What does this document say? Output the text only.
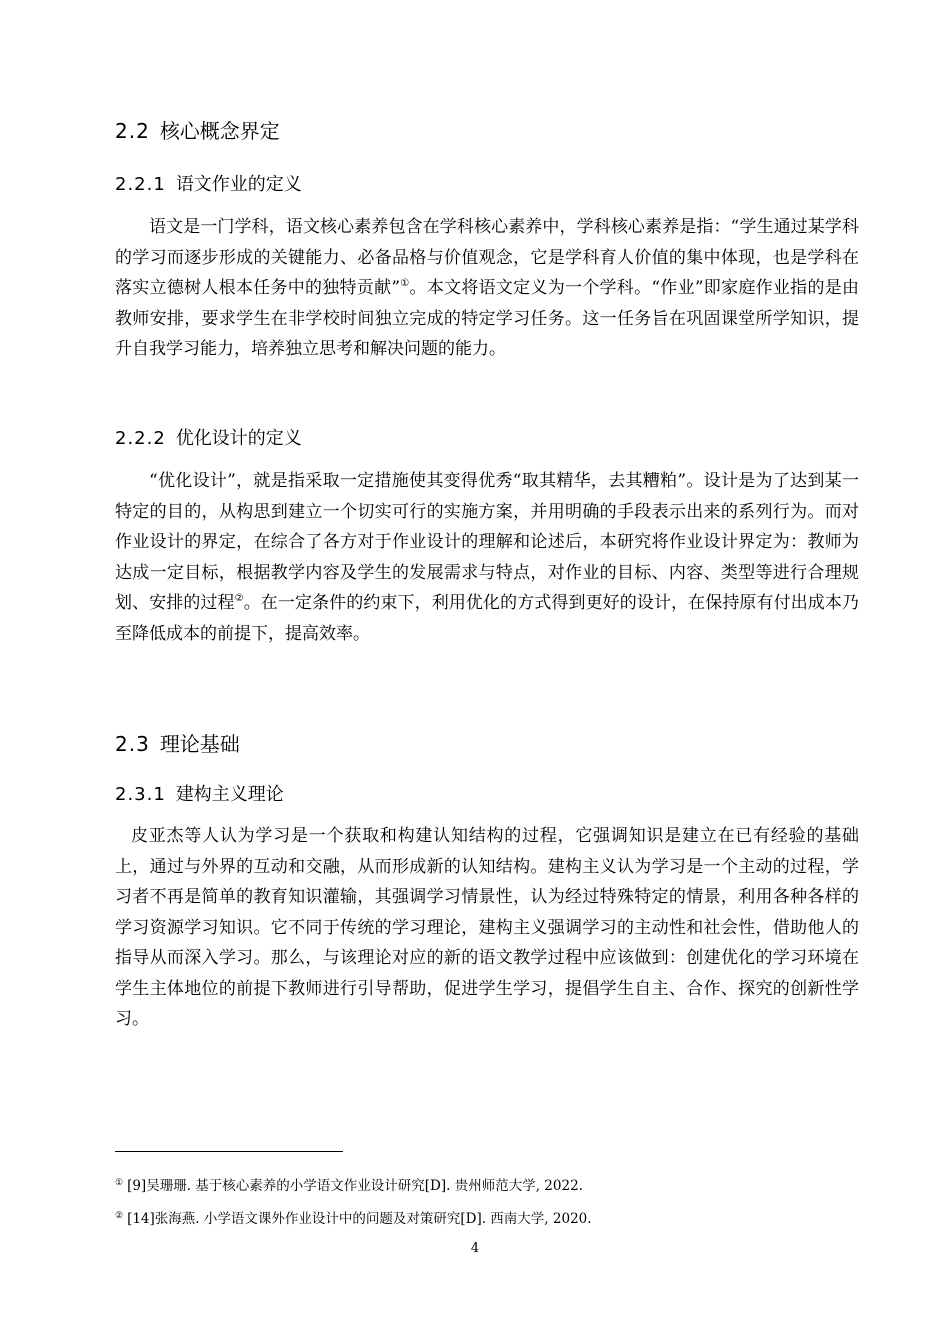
2.2 核心概念界定
2.2.1 语文作业的定义

语文是一门学科，语文核心素养包含在学科核心素养中，学科核心素养是指：“学生通过某学科的学习而逐步形成的关键能力、必备品格与价值观念，它是学科育人价值的集中体现，也是学科在落实立德树人根本任务中的独特贡献”①。本文将语文定义为一个学科。“作业”即家庭作业指的是由教师安排，要求学生在非学校时间独立完成的特定学习任务。这一任务旨在巩固课堂所学知识，提升自我学习能力，培养独立思考和解决问题的能力。

2.2.2 优化设计的定义

“优化设计”，就是指采取一定措施使其变得优秀“取其精华，去其糟粕”。设计是为了达到某一特定的目的，从构思到建立一个切实可行的实施方案，并用明确的手段表示出来的系列行为。而对作业设计的界定，在综合了各方对于作业设计的理解和论述后，本研究将作业设计界定为：教师为达成一定目标，根据教学内容及学生的发展需求与特点，对作业的目标、内容、类型等进行合理规划、安排的过程②。在一定条件的约束下，利用优化的方式得到更好的设计，在保持原有付出成本乃至降低成本的前提下，提高效率。

2.3 理论基础
2.3.1 建构主义理论

皮亚杰等人认为学习是一个获取和构建认知结构的过程，它强调知识是建立在已有经验的基础上，通过与外界的互动和交融，从而形成新的认知结构。建构主义认为学习是一个主动的过程，学习者不再是简单的教育知识灌输，其强调学习情景性，认为经过特殊特定的情景，利用各种各样的学习资源学习知识。它不同于传统的学习理论，建构主义强调学习的主动性和社会性，借助他人的指导从而深入学习。那么，与该理论对应的新的语文教学过程中应该做到：创建优化的学习环境在学生主体地位的前提下教师进行引导帮助，促进学生学习，提倡学生自主、合作、探究的创新性学习。

① [9]吴珊珊. 基于核心素养的小学语文作业设计研究[D]. 贵州师范大学, 2022.
② [14]张海燕. 小学语文课外作业设计中的问题及对策研究[D]. 西南大学, 2020.
4
